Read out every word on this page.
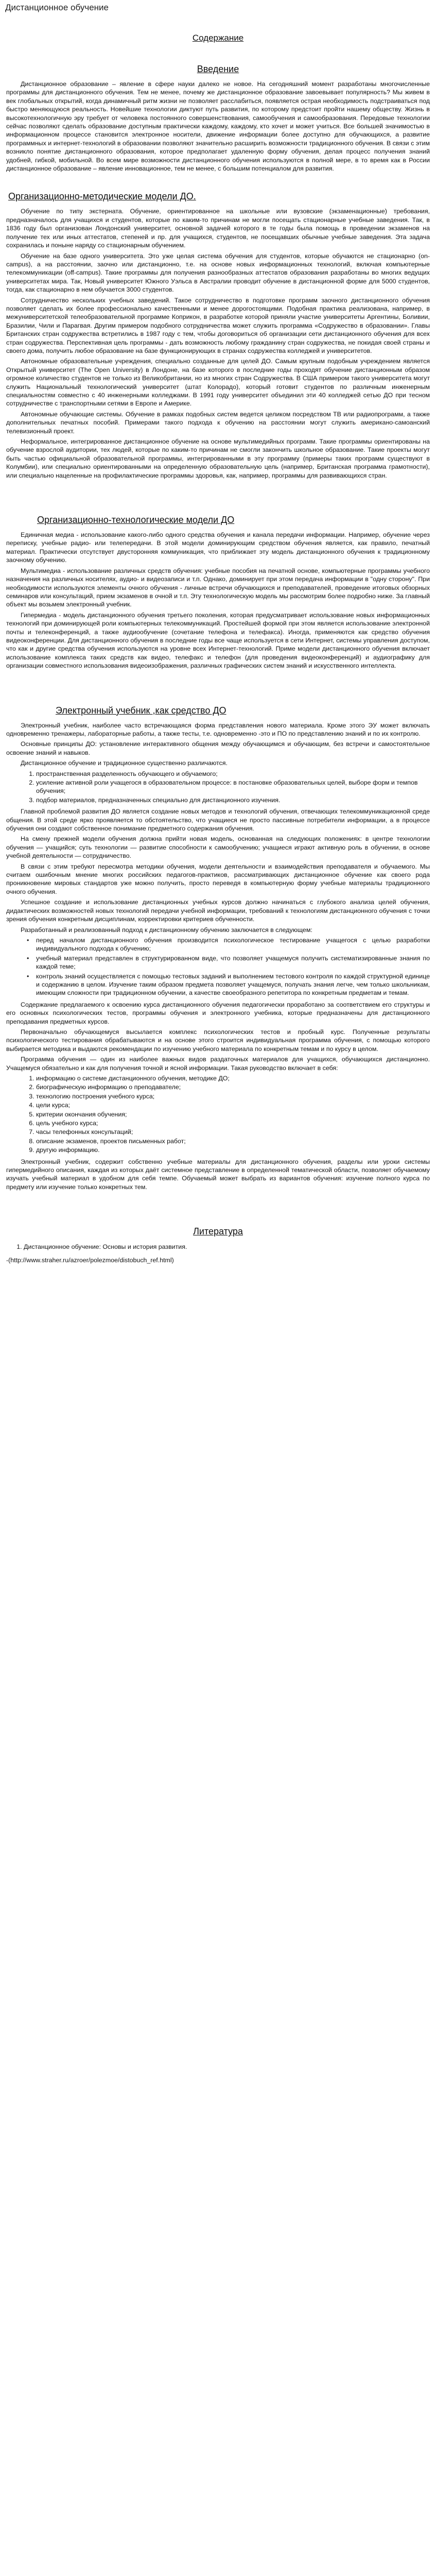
Дистанционное обучение
Содержание
Введение

Дистанционное образование – явление в сфере науки далеко не новое. На сегодняшний момент разработаны многочисленные программы для дистанционного обучения. Тем не менее, почему же дистанционное образование завоевывает популярность? Мы живем в век глобальных открытий, когда динамичный ритм жизни не позволяет расслабиться, появляется острая необходимость подстраиваться под быстро меняющуюся реальность. Новейшие технологии диктуют путь развития, по которому предстоит пройти нашему обществу. Жизнь в высокотехнологичную эру требует от человека постоянного совершенствования, самообучения и самообразования. Передовые технологии сейчас позволяют сделать образование доступным практически каждому, каждому, кто хочет и может учиться. Все большей значимостью в информационном процессе становится электронное носители, движение информации более доступно для обучающихся, а развитие программных и интернет-технологий в образовании позволяют значительно расширить возможности традиционного обучения. В связи с этим возникло понятие дистанционного образования, которое предполагает удаленную форму обучения, делая процесс получения знаний удобней, гибкой, мобильной. Во всем мире возможности дистанционного обучения используются в полной мере, в то время как в России дистанционное образование – явление инновационное, тем не менее, с большим потенциалом для развития.

Организационно-методические модели ДО.

Обучение по типу экстерната. Обучение, ориентированное на школьные или вузовские (экзаменационные) требования, предназначалось для учащихся и студентов, которые по каким-то причинам не могли посещать стационарные учебные заведения. Так, в 1836 году был организован Лондонский университет, основной задачей которого в те годы была помощь в проведении экзаменов на получение тех или иных аттестатов, степеней и пр. для учащихся, студентов, не посещавших обычные учебные заведения. Эта задача сохранилась и поныне наряду со стационарным обучением.

Обучение на базе одного университета. Это уже целая система обучения для студентов, которые обучаются не стационарно (on-campus), а на расстоянии, заочно или дистанционно, т.е. на основе новых информационных технологий, включая компьютерные телекоммуникации (off-campus). Такие программы для получения разнообразных аттестатов образования разработаны во многих ведущих университетах мира. Так, Новый университет Южного Уэльса в Австралии проводит обучение в дистанционной форме для 5000 студентов, тогда, как стационарно в нем обучается 3000 студентов.

Сотрудничество нескольких учебных заведений. Такое сотрудничество в подготовке программ заочного дистанционного обучения позволяет сделать их более профессионально качественными и менее дорогостоящими. Подобная практика реализована, например, в межуниверситетской телеобразовательной программе Коприкон, в разработке которой приняли участие университеты Аргентины, Боливии, Бразилии, Чили и Парагвая. Другим примером подобного сотрудничества может служить программа «Содружество в образовании». Главы Британских стран содружества встретились в 1987 году с тем, чтобы договориться об организации сети дистанционного обучения для всех стран содружества. Перспективная цель программы - дать возможность любому гражданину стран содружества, не покидая своей страны и своего дома, получить любое образование на базе функционирующих в странах содружества колледжей и университетов.

Автономные образовательные учреждения, специально созданные для целей ДО. Самым крупным подобным учреждением является Открытый университет (The Open University) в Лондоне, на базе которого в последние годы проходят обучение дистанционным образом огромное количество студентов не только из Великобритании, но из многих стран Содружества. В США примером такого университета могут служить Национальный технологический университет (штат Колорадо), который готовит студентов по различным инженерным специальностям совместно с 40 инженерными колледжами. В 1991 году университет объединил эти 40 колледжей сетью ДО при тесном сотрудничестве с транспортными сетями в Европе и Америке.

Автономные обучающие системы. Обучение в рамках подобных систем ведется целиком посредством ТВ или радиопрограмм, а также дополнительных печатных пособий. Примерами такого подхода к обучению на расстоянии могут служить американо-самоанский телевизионный проект.

Неформальное, интегрированное дистанционное обучение на основе мультимедийных программ. Такие программы ориентированы на обучение взрослой аудитории, тех людей, которые по каким-то причинам не смогли закончить школьное образование. Такие проекты могут быть частью официальной образовательной программы, интегрированными в эту программу (примеры таких программ существуют в Колумбии), или специально ориентированными на определенную образовательную цель (например, Британская программа грамотности), или специально нацеленные на профилактические программы здоровья, как, например, программы для развивающихся стран.

Организационно-технологические модели ДО

Единичная медиа - использование какого-либо одного средства обучения и канала передачи информации. Например, обучение через переписку, учебные радио- или телепередачи. В этой модели доминирующим средством обучения является, как правило, печатный материал. Практически отсутствует двусторонняя коммуникация, что приближает эту модель дистанционного обучения к традиционному заочному обучению.

Мультимедиа - использование различных средств обучения: учебные пособия на печатной основе, компьютерные программы учебного назначения на различных носителях, аудио- и видеозаписи и т.п. Однако, доминирует при этом передача информации в "одну сторону". При необходимости используются элементы очного обучения - личные встречи обучающихся и преподавателей, проведение итоговых обзорных семинаров или консультаций, прием экзаменов в очной и т.п. Эту технологическую модель мы рассмотрим более подробно ниже. За главный объект мы возьмем электронный учебник.

Гипермедиа - модель дистанционного обучения третьего поколения, которая предусматривает использование новых информационных технологий при доминирующей роли компьютерных телекоммуникаций. Простейшей формой при этом является использование электронной почты и телеконференций, а также аудиообучение (сочетание телефона и телефакса). Иногда, применяются как средство обучения видеоконференции. Для дистанционного обучения в последние годы все чаще используется в сети Интернет, системы управления доступом, что как и другие средства обучения используются на уровне всех Интернет-технологий. Приме модели дистанционного обучения включает использование комплекса таких средств как видео, телефакс и телефон (для проведения видеоконференций) и аудиографику для организации совместного использования видеоизображения, различных графических систем знаний и искусственного интеллекта.

Электронный учебник ,как средство ДО

Электронный учебник, наиболее часто встречающаяся форма представления нового материала. Кроме этого ЭУ может включать одновременно тренажеры, лабораторные работы, а также тесты, т.е. одновременно -это и ПО по представлению знаний и по их контролю.

Основные принципы ДО: установление интерактивного общения между обучающимся и обучающим, без встречи и самостоятельное освоение знаний и навыков.

Дистанционное обучение и традиционное существенно различаются.

1. пространственная разделенность обучающего и обучаемого;
2. усиление активной роли учащегося в образовательном процессе: в постановке образовательных целей, выборе форм и темпов обучения;
3. подбор материалов, предназначенных специально для дистанционного изучения.

Главной проблемой развития ДО является создание новых методов и технологий обучения, отвечающих телекоммуникационной среде общения. В этой среде ярко проявляется то обстоятельство, что учащиеся не просто пассивные потребители информации, а в процессе обучения они создают собственное понимание предметного содержания обучения.

На смену прежней модели обучения должна прийти новая модель, основанная на следующих положениях: в центре технологии обучения — учащийся; суть технологии — развитие способности к самообучению; учащиеся играют активную роль в обучении, в основе учебной деятельности — сотрудничество.

В связи с этим требуют пересмотра методики обучения, модели деятельности и взаимодействия преподавателя и обучаемого. Мы считаем ошибочным мнение многих российских педагогов-практиков, рассматривающих дистанционное обучение как своего рода проникновение мировых стандартов уже можно получить, просто переведя в компьютерную форму учебные материалы традиционного очного обучения.

Успешное создание и использование дистанционных учебных курсов должно начинаться с глубокого анализа целей обучения, дидактических возможностей новых технологий передачи учебной информации, требований к технологиям дистанционного обучения с точки зрения обучения конкретным дисциплинам, корректировки критериев обученности.

Разработанный и реализованный подход к дистанционному обучению заключается в следующем:

• перед началом дистанционного обучения производится психологическое тестирование учащегося с целью разработки индивидуального подхода к обучению;
• учебный материал представлен в структурированном виде, что позволяет учащемуся получить систематизированные знания по каждой теме;
• контроль знаний осуществляется с помощью тестовых заданий и выполнением тестового контроля по каждой структурной единице и содержанию в целом. Изучение таким образом предмета позволяет учащемуся, получать знания легче, чем только школьникам, имеющим сложности при традиционном обучении, а качестве своеобразного репетитора по конкретным предметам и темам.

Содержание предлагаемого к освоению курса дистанционного обучения педагогически проработано за соответствием его структуры и его основных психологических тестов, программы обучения и электронного учебника, которые предназначены для дистанционного преподавания предметных курсов.

Первоначально обучающемуся высылается комплекс психологических тестов и пробный курс. Полученные результаты психологического тестирования обрабатываются и на основе этого строится индивидуальная программа обучения, с помощью которого выбирается методика и выдаются рекомендации по изучению учебного материала по конкретным темам и по курсу в целом.

Программа обучения — один из наиболее важных видов раздаточных материалов для учащихся, обучающихся дистанционно. Учащемуся обязательно и как для получения точной и ясной информации. Такая руководство включает в себя:

1. информацию о системе дистанционного обучения, методике ДО;
2. биографическую информацию о преподавателе;
3. технологию построения учебного курса;
4. цели курса;
5. критерии окончания обучения;
6. цель учебного курса;
7. часы телефонных консультаций;
8. описание экзаменов, проектов письменных работ;
9. другую информацию.

Электронный учебник, содержит собственно учебные материалы для дистанционного обучения, разделы или уроки системы гипермедийного описания, каждая из которых даёт системное представление в определенной тематической области, позволяет обучаемому изучать учебный материал в удобном для себя темпе. Обучаемый может выбрать из вариантов обучения: изучение полного курса по предмету или изучение только конкретных тем.

Литература
1. Дистанционное обучение: Основы и история развития.
-(http://www.straher.ru/azroer/polezmoe/distobuch_ref.html)
